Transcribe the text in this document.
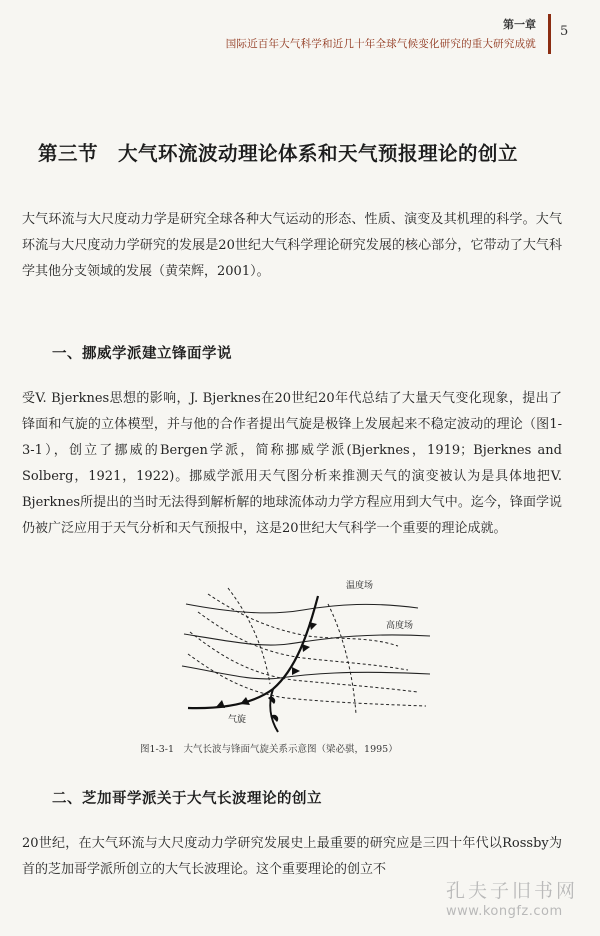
第一章
国际近百年大气科学和近几十年全球气候变化研究的重大研究成就
5
第三节　大气环流波动理论体系和天气预报理论的创立

大气环流与大尺度动力学是研究全球各种大气运动的形态、性质、演变及其机理的科学。大气环流与大尺度动力学研究的发展是20世纪大气科学理论研究发展的核心部分，它带动了大气科学其他分支领域的发展（黄荣辉，2001）。

一、挪威学派建立锋面学说

受V. Bjerknes思想的影响，J. Bjerknes在20世纪20年代总结了大量天气变化现象，提出了锋面和气旋的立体模型，并与他的合作者提出气旋是极锋上发展起来不稳定波动的理论（图1-3-1），创立了挪威的Bergen学派，简称挪威学派(Bjerknes，1919；Bjerknes and Solberg，1921，1922)。挪威学派用天气图分析来推测天气的演变被认为是具体地把V. Bjerknes所提出的当时无法得到解析解的地球流体动力学方程应用到大气中。迄今，锋面学说仍被广泛应用于天气分析和天气预报中，这是20世纪大气科学一个重要的理论成就。

温度场
高度场
气旋
图1-3-1　大气长波与锋面气旋关系示意图（梁必骐，1995）
二、芝加哥学派关于大气长波理论的创立

20世纪，在大气环流与大尺度动力学研究发展史上最重要的研究应是三四十年代以Rossby为首的芝加哥学派所创立的大气长波理论。这个重要理论的创立不

孔夫子旧书网
www.kongfz.com
